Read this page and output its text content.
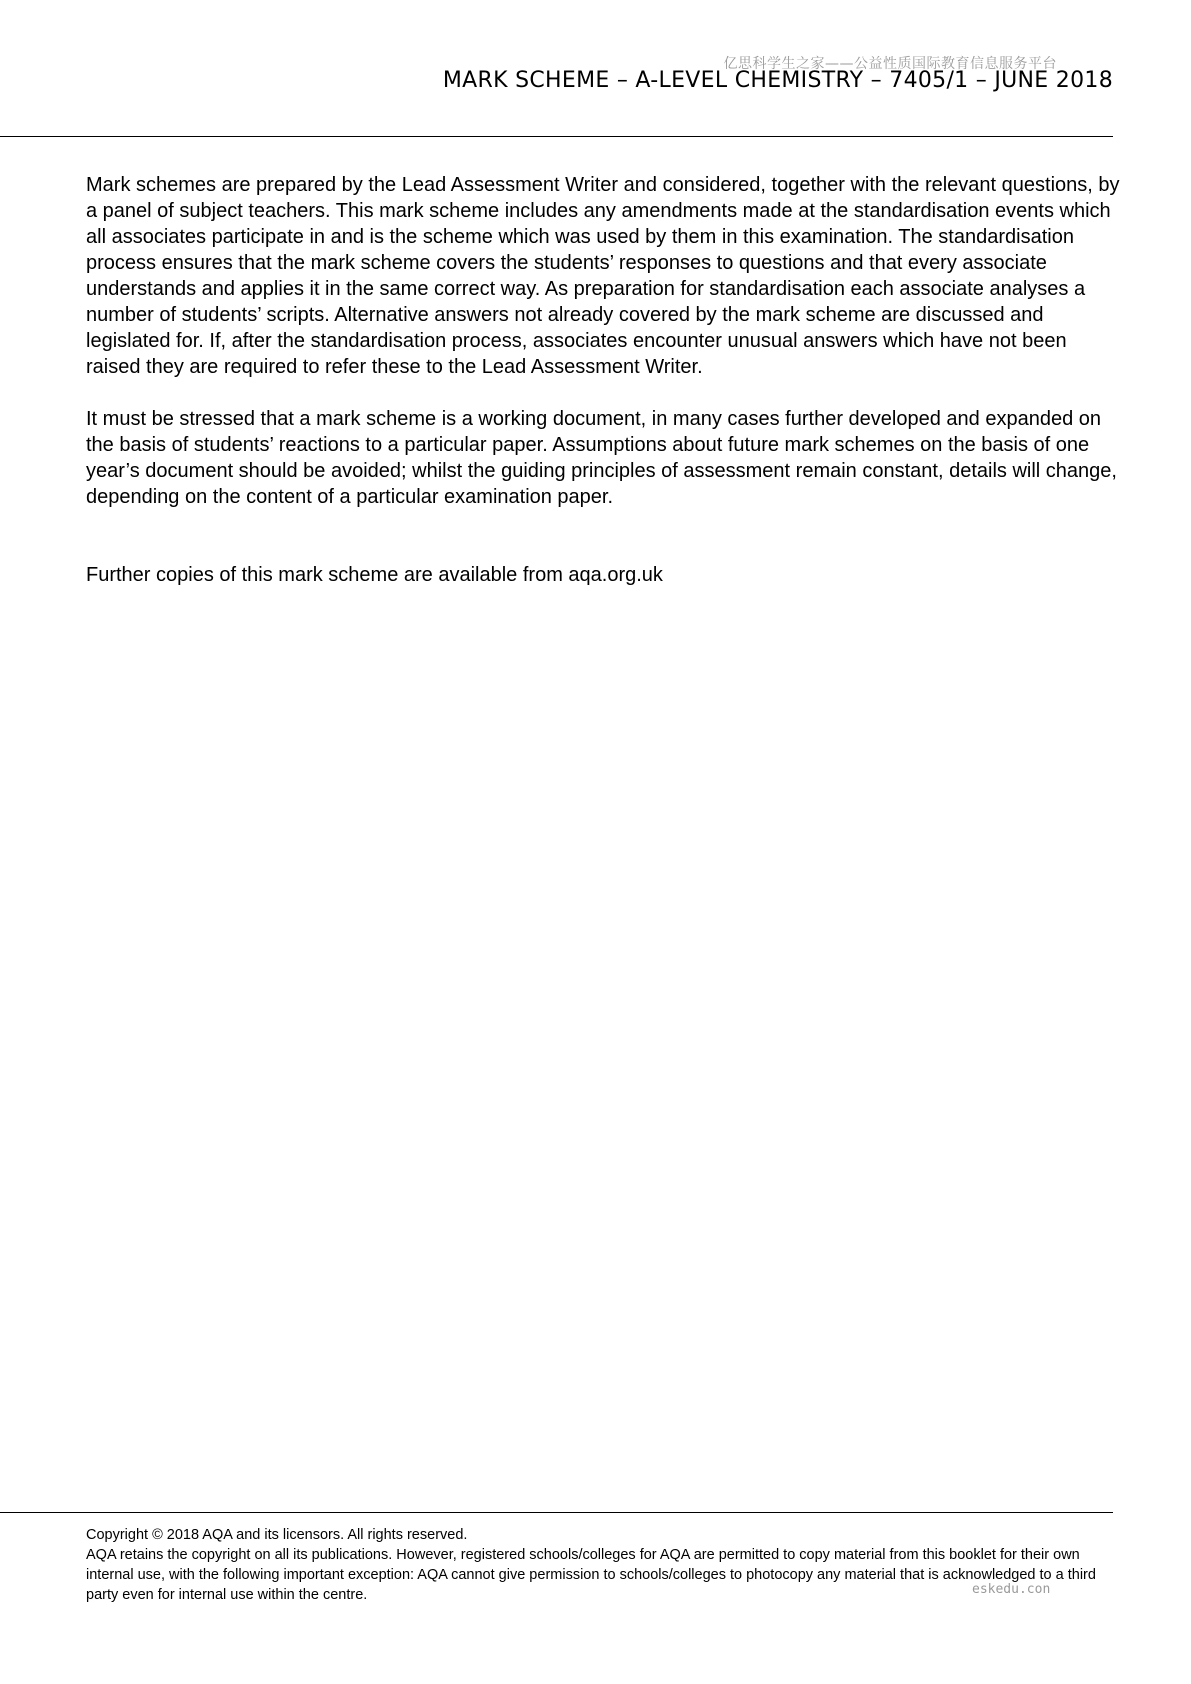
亿思科学生之家——公益性质国际教育信息服务平台
MARK SCHEME – A-LEVEL CHEMISTRY – 7405/1 – JUNE 2018

Mark schemes are prepared by the Lead Assessment Writer and considered, together with the relevant questions, by a panel of subject teachers. This mark scheme includes any amendments made at the standardisation events which all associates participate in and is the scheme which was used by them in this examination. The standardisation process ensures that the mark scheme covers the students’ responses to questions and that every associate understands and applies it in the same correct way. As preparation for standardisation each associate analyses a number of students’ scripts. Alternative answers not already covered by the mark scheme are discussed and legislated for. If, after the standardisation process, associates encounter unusual answers which have not been raised they are required to refer these to the Lead Assessment Writer.

It must be stressed that a mark scheme is a working document, in many cases further developed and expanded on the basis of students’ reactions to a particular paper. Assumptions about future mark schemes on the basis of one year’s document should be avoided; whilst the guiding principles of assessment remain constant, details will change, depending on the content of a particular examination paper.

Further copies of this mark scheme are available from aqa.org.uk

Copyright © 2018 AQA and its licensors. All rights reserved.

AQA retains the copyright on all its publications. However, registered schools/colleges for AQA are permitted to copy material from this booklet for their own internal use, with the following important exception: AQA cannot give permission to schools/colleges to photocopy any material that is acknowledged to a third party even for internal use within the centre.	eskedu.con
